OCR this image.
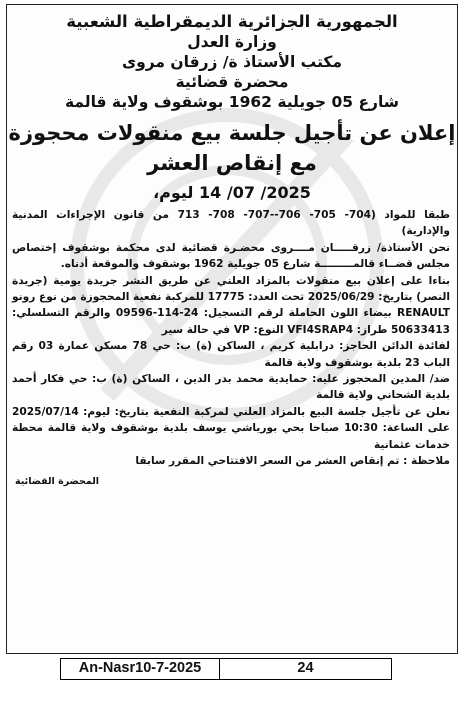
الجمهورية الجزائرية الديمقراطية الشعبية
وزارة العدل
مكتب الأستاذ ة/ زرقان مروى
محضرة قضائية
شارع 05 جويلية 1962 بوشقوف ولاية قالمة
إعلان عن تأجيل جلسة بيع منقولات محجوزة
مع إنقاص العشر
2025/ 07/ 14 ليوم،

طبقا للمواد (704- 705- 706--707- 708- 713 من قانون الإجراءات المدنية والإدارية)

نحن الأستاذة/ زرقـــــان مــــروى محضـرة قضائية لدى محكمة بوشقوف إختصاص مجلس قضــاء قالمـــــــــة شارع 05 جويلية 1962 بوشقوف والموقعة أدناه.

بناءا على إعلان بيع منقولات بالمزاد العلني عن طريق النشر جريدة يومية (جريدة النصر) بتاريخ: 2025/06/29 تحت العدد: 17775 للمركبة نفعية المحجوزة من نوع رونو RENAULT بيضاء اللون الحاملة لرقم التسجيل: 24-114-09596 والرقم التسلسلي: 50633413 طراز: VFI4SRAP4 النوع: VP في حالة سير

لفائدة الدائن الحاجز: درابلية كريم ، الساكن (ة) ب: حي 78 مسكن عمارة 03 رقم الباب 23 بلدية بوشقوف ولاية قالمة

ضد/ المدين المحجوز عليه: حمايدية محمد بدر الدين ، الساكن (ة) ب: حي فكار أحمد بلدية الشحاني ولاية قالمة

نعلن عن تأجيل جلسة البيع بالمزاد العلني لمركبة النفعية بتاريخ: ليوم: 2025/07/14 على الساعة: 10:30 صباحا بحي بورياشي يوسف بلدية بوشقوف ولاية قالمة محطة خدمات عثمانية

ملاحظة : تم إنقاص العشر من السعر الافتتاحي المقرر سابقا

المحضرة القضائية
An-Nasr10-7-2025	24
